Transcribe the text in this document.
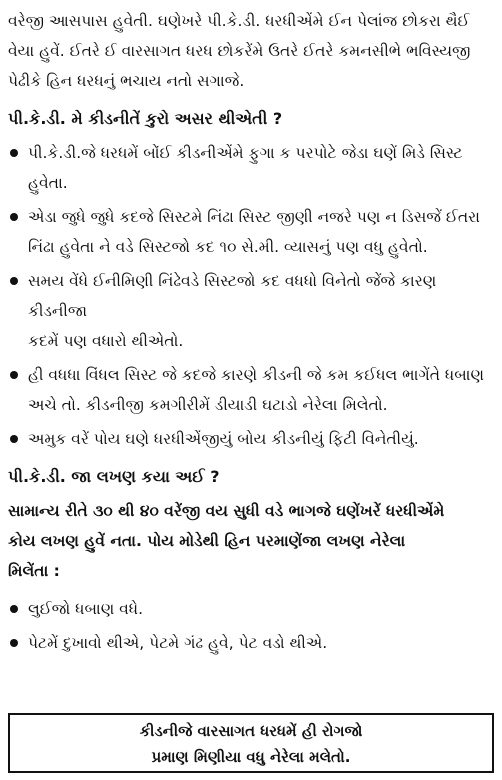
વરેજી આસપાસ હુવેતી. ઘણેખરે પી.કે.ડી. ધરધીએંમે ઈન પેલાંજ છોકરા થૈઈ
વેયા હુવેં. ઈતરે ઈ વારસાગત ધરધ છોકરેંમે ઉતરે ઈતરે કમનસીભે ભવિસ્યજી
પેઢીકે હિન ધરધનું ભચાય નતો સગાજે.

પી.કે.ડી. મે કીડનીતેં કુરો અસર થીએતી ?
પી.કે.ડી.જે ધરધમેં બોંઈ કીડનીએંમે ફુગા ક પરપોટે જેડા ઘણેં મિડે સિસ્ટ
હુવેતા.
એડા જુધે જુધે કદજે સિસ્ટમે નિંઢા સિસ્ટ જીણી નજરે પણ ન ડિસજેં ઈતરા
નિંઢા હુવેતા ને વડે સિસ્ટજો કદ ૧૦ સે.મી. વ્યાસનું પણ વધુ હુવેતો.
સમય વેંધે ઈનીમિણી નિંઢેવડે સિસ્ટજો કદ વધધો વિનેતો જેંજે કારણ કીડનીજા
કદમેં પણ વધારો થીએતો.
હી વધધા વિંધલ સિસ્ટ જે કદજે કારણે કીડની જે કમ કઈધલ ભાગેંતે ધબાણ
અચે તો. કીડનીજી કમગીરીમેં ડીયાડી ઘટાડો નેરેલા મિલેતો.
અમુક વરેં પોય ઘણે ધરધીએંજીયું બોય કીડનીયું ફિટી વિનેતીયું.
પી.કે.ડી. જા લખણ કયા અઈ ?

સામાન્ય રીતે ૩૦ થી ૪૦ વરેંજી વય સુધી વડે ભાગજે ઘણેંખરેં ધરધીએંમે
કોય લખણ હુવેં નતા. પોય મોડેથી હિન પરમાણેંજા લખણ નેરેલા
મિલેંતા :

લુઈજો ધબાણ વધે.
પેટમેં દુખાવો થીએ, પેટમે ગંઢ હુવે, પેટ વડો થીએ.
કીડનીજે વારસાગત ધરધમેં હી રોગજો
પ્રમાણ મિણીયા વધુ નેરેલા મલેતો.
